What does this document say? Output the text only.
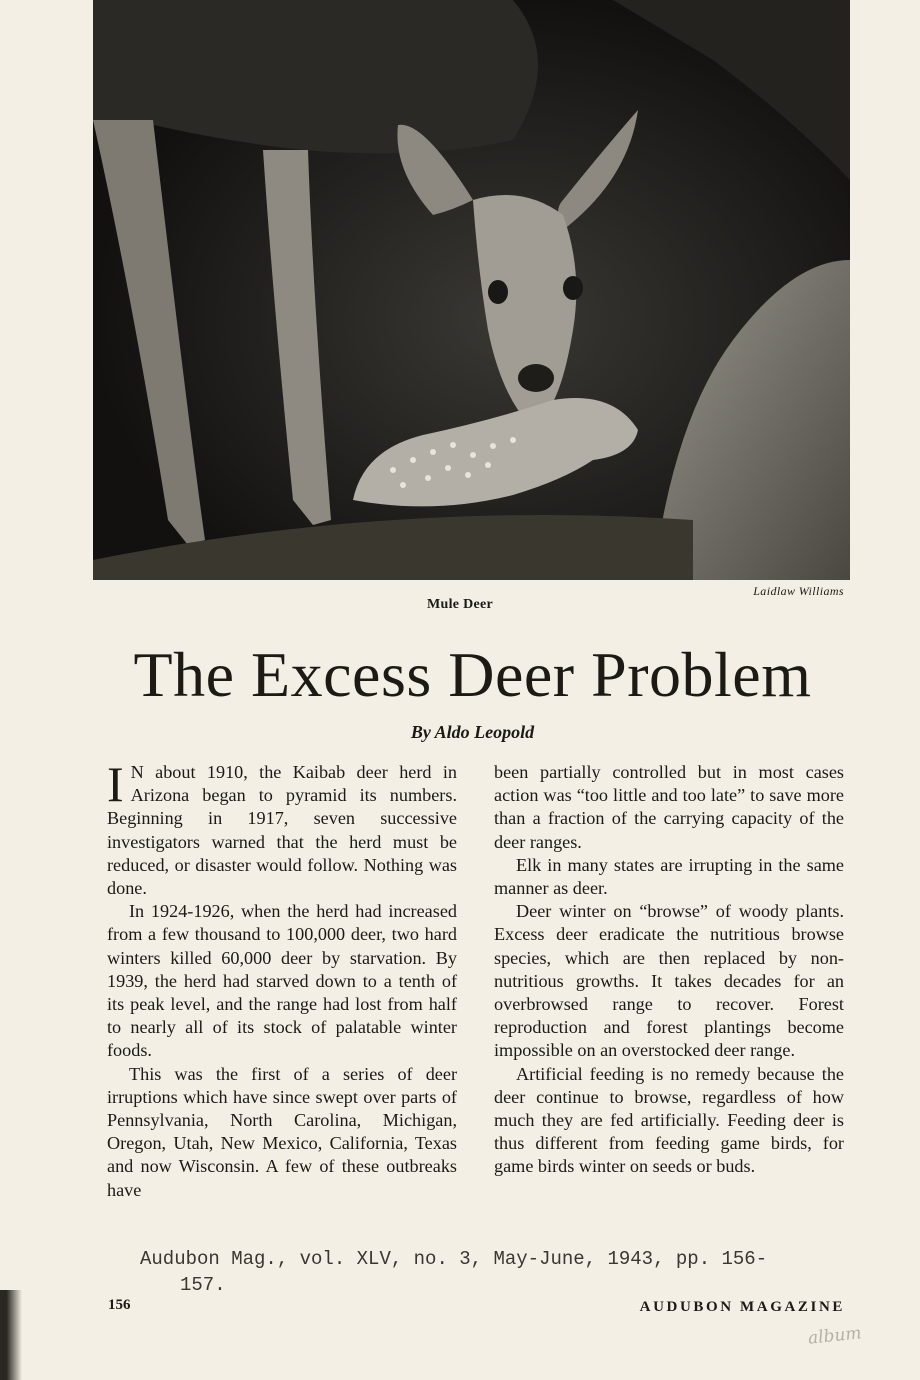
Laidlaw Williams
Mule Deer
The Excess Deer Problem
By Aldo Leopold

I N about 1910, the Kaibab deer herd in Arizona began to pyramid its numbers. Beginning in 1917, seven successive investigators warned that the herd must be reduced, or disaster would follow. Nothing was done.

In 1924-1926, when the herd had increased from a few thousand to 100,000 deer, two hard winters killed 60,000 deer by starvation. By 1939, the herd had starved down to a tenth of its peak level, and the range had lost from half to nearly all of its stock of palatable winter foods.

This was the first of a series of deer irruptions which have since swept over parts of Pennsylvania, North Carolina, Michigan, Oregon, Utah, New Mexico, California, Texas and now Wisconsin. A few of these outbreaks have

been partially controlled but in most cases action was “too little and too late” to save more than a fraction of the carrying capacity of the deer ranges.

Elk in many states are irrupting in the same manner as deer.

Deer winter on “browse” of woody plants. Excess deer eradicate the nutritious browse species, which are then replaced by non-nutritious growths. It takes decades for an overbrowsed range to recover. Forest reproduction and forest plantings become impossible on an overstocked deer range.

Artificial feeding is no remedy because the deer continue to browse, regardless of how much they are fed artificially. Feeding deer is thus different from feeding game birds, for game birds winter on seeds or buds.

Audubon Mag., vol. XLV, no. 3, May-June, 1943, pp. 156-
157.
156	AUDUBON MAGAZINE
album
